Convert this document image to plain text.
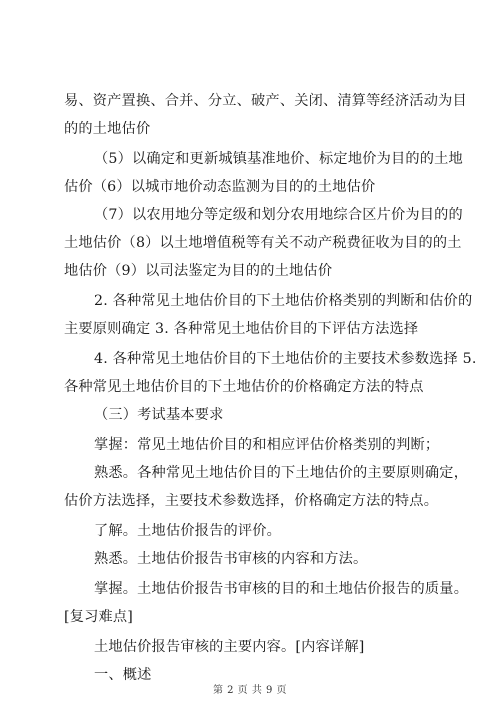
易、资产置换、合并、分立、破产、关闭、清算等经济活动为目
的的土地估价
（5）以确定和更新城镇基准地价、标定地价为目的的土地
估价（6）以城市地价动态监测为目的的土地估价
（7）以农用地分等定级和划分农用地综合区片价为目的的
土地估价（8）以土地增值税等有关不动产税费征收为目的的土
地估价（9）以司法鉴定为目的的土地估价
2. 各种常见土地估价目的下土地估价格类别的判断和估价的
主要原则确定 3. 各种常见土地估价目的下评估方法选择
4. 各种常见土地估价目的下土地估价的主要技术参数选择 5.
各种常见土地估价目的下土地估价的价格确定方法的特点
（三）考试基本要求
掌握：常见土地估价目的和相应评估价格类别的判断；
熟悉。各种常见土地估价目的下土地估价的主要原则确定，
估价方法选择，主要技术参数选择，价格确定方法的特点。
了解。土地估价报告的评价。
熟悉。土地估价报告书审核的内容和方法。
掌握。土地估价报告书审核的目的和土地估价报告的质量。
[复习难点]
土地估价报告审核的主要内容。[内容详解]
一、概述
第 2 页 共 9 页
